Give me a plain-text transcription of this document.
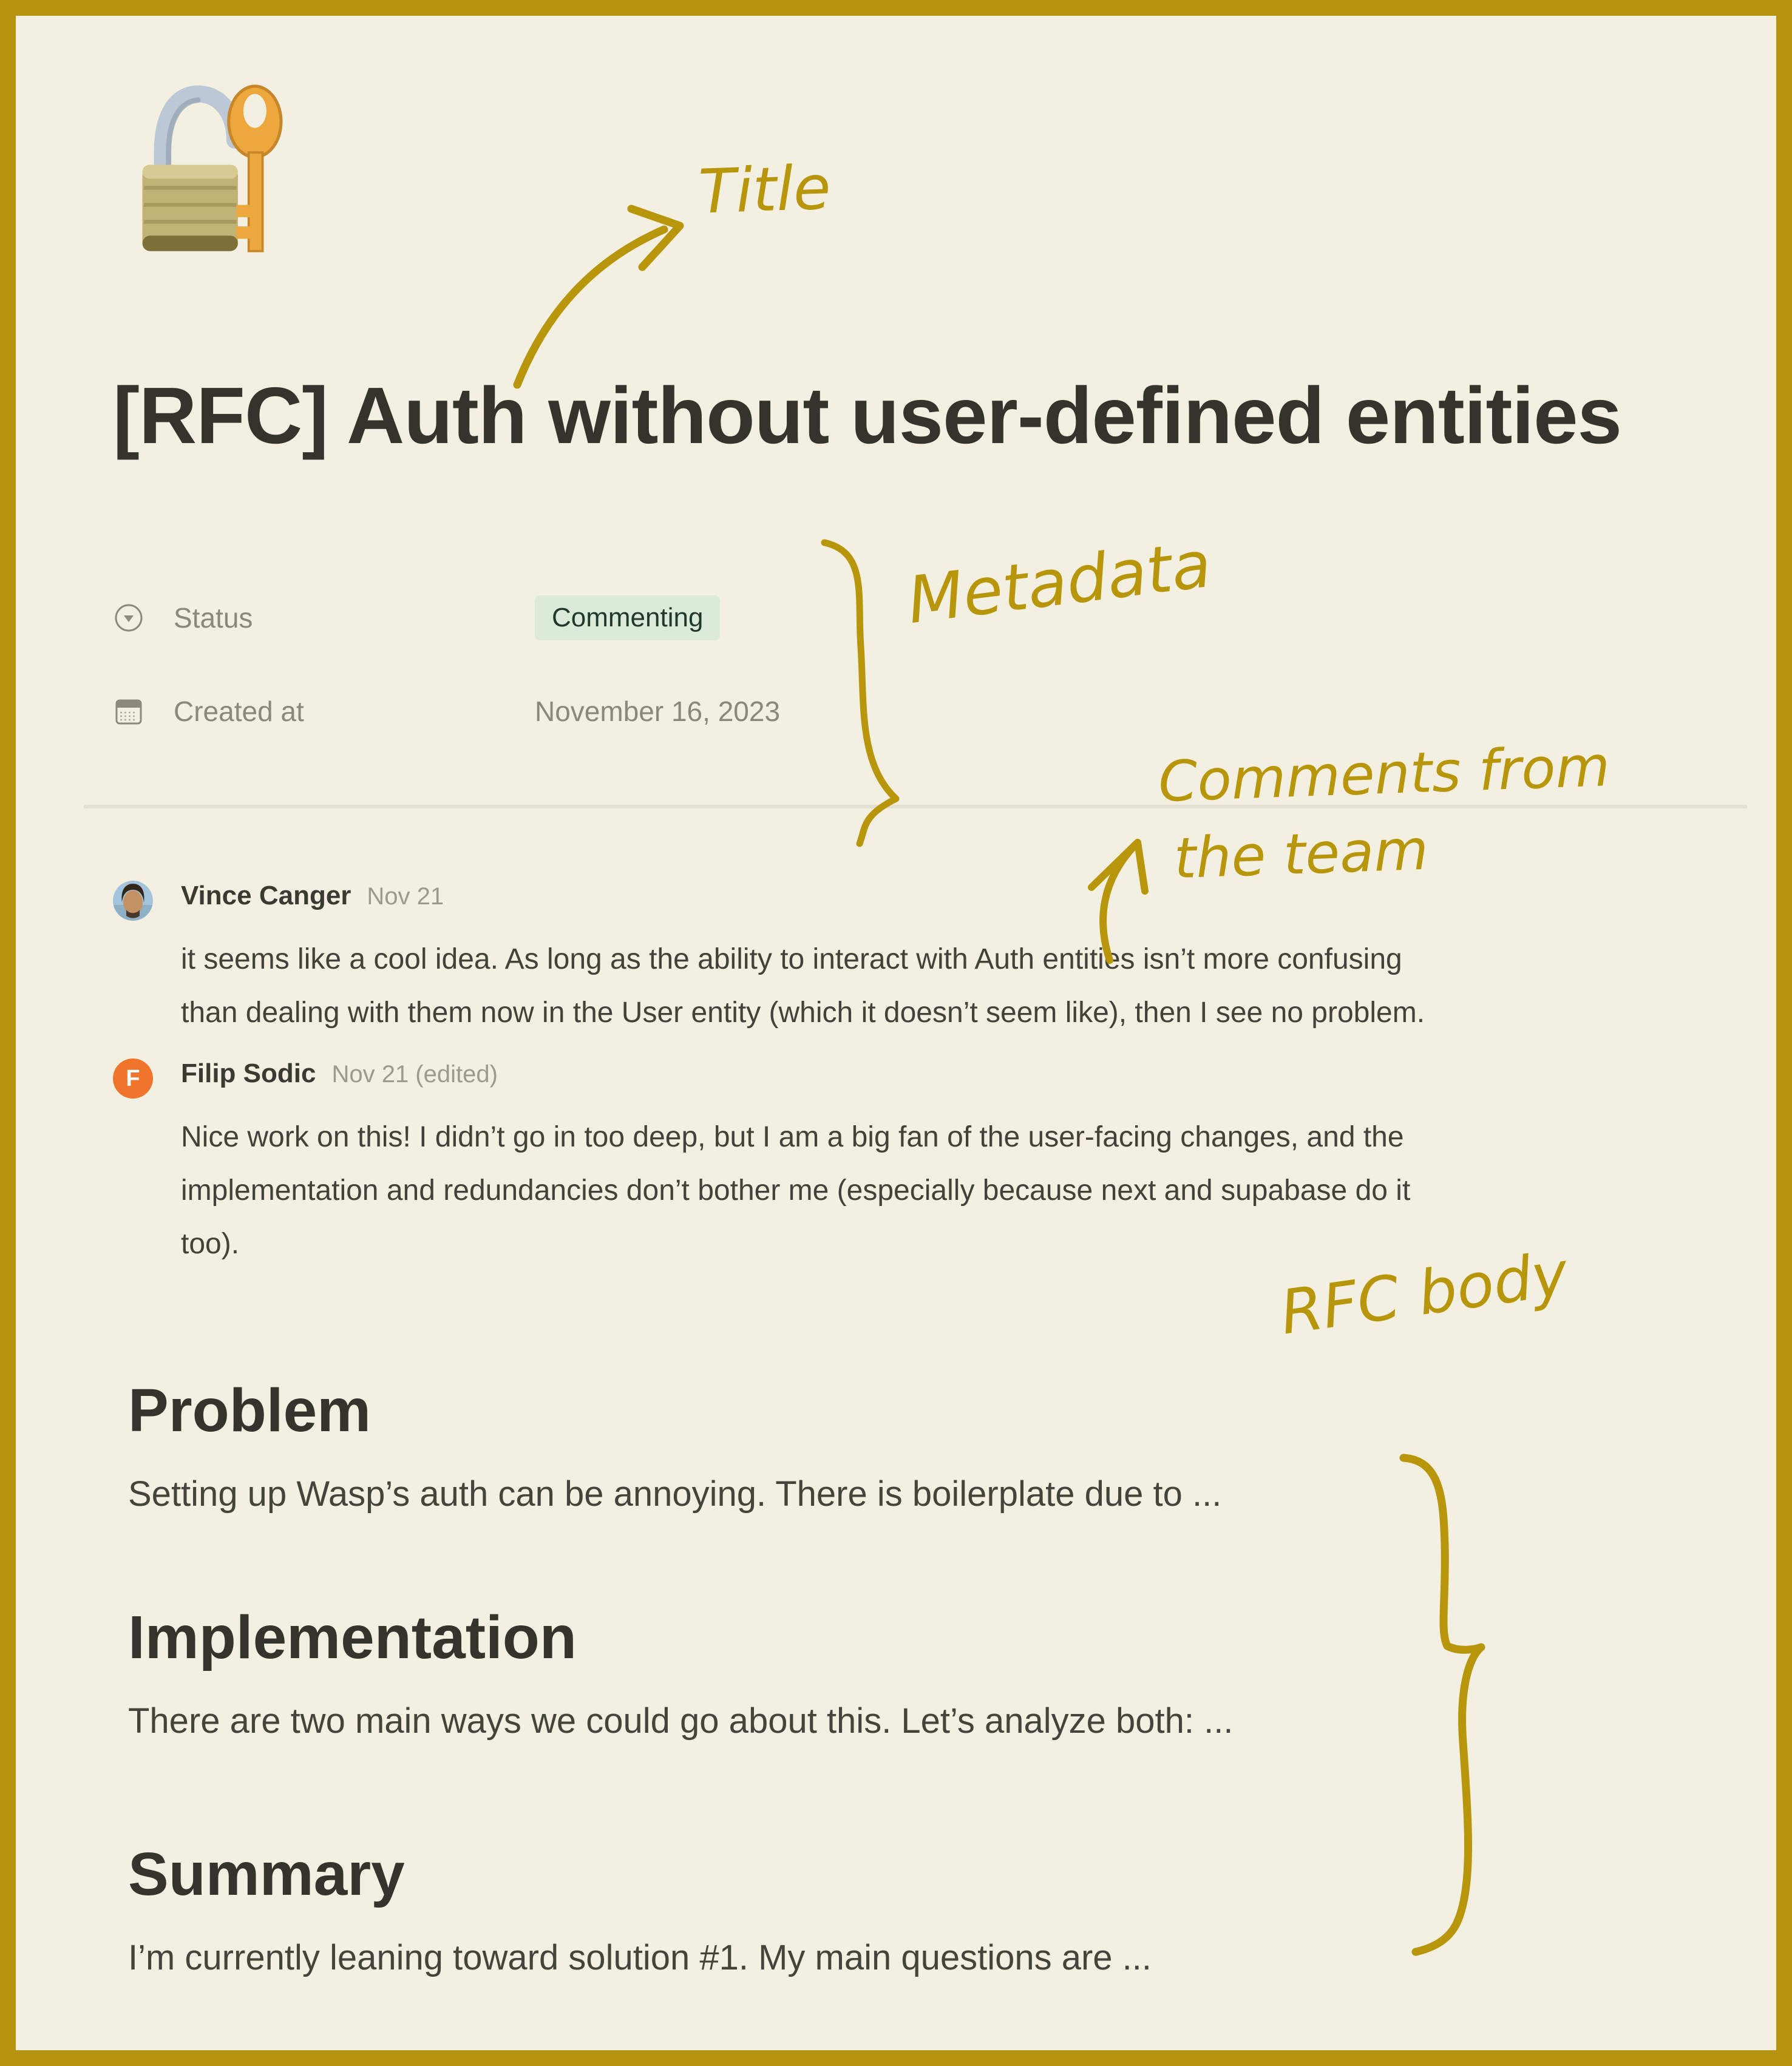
[RFC] Auth without user-defined entities
Status	Commenting
Created at	November 16, 2023
Vince Canger Nov 21
it seems like a cool idea. As long as the ability to interact with Auth entities isn’t more confusing
than dealing with them now in the User entity (which it doesn’t seem like), then I see no problem.
F	Filip Sodic Nov 21 (edited)
Nice work on this! I didn’t go in too deep, but I am a big fan of the user-facing changes, and the
implementation and redundancies don’t bother me (especially because next and supabase do it
too).
Problem

Setting up Wasp’s auth can be annoying. There is boilerplate due to ...

Implementation

There are two main ways we could go about this. Let’s analyze both: ...

Summary

I’m currently leaning toward solution #1. My main questions are ...

Title
Metadata
Comments from
the team
RFC body
